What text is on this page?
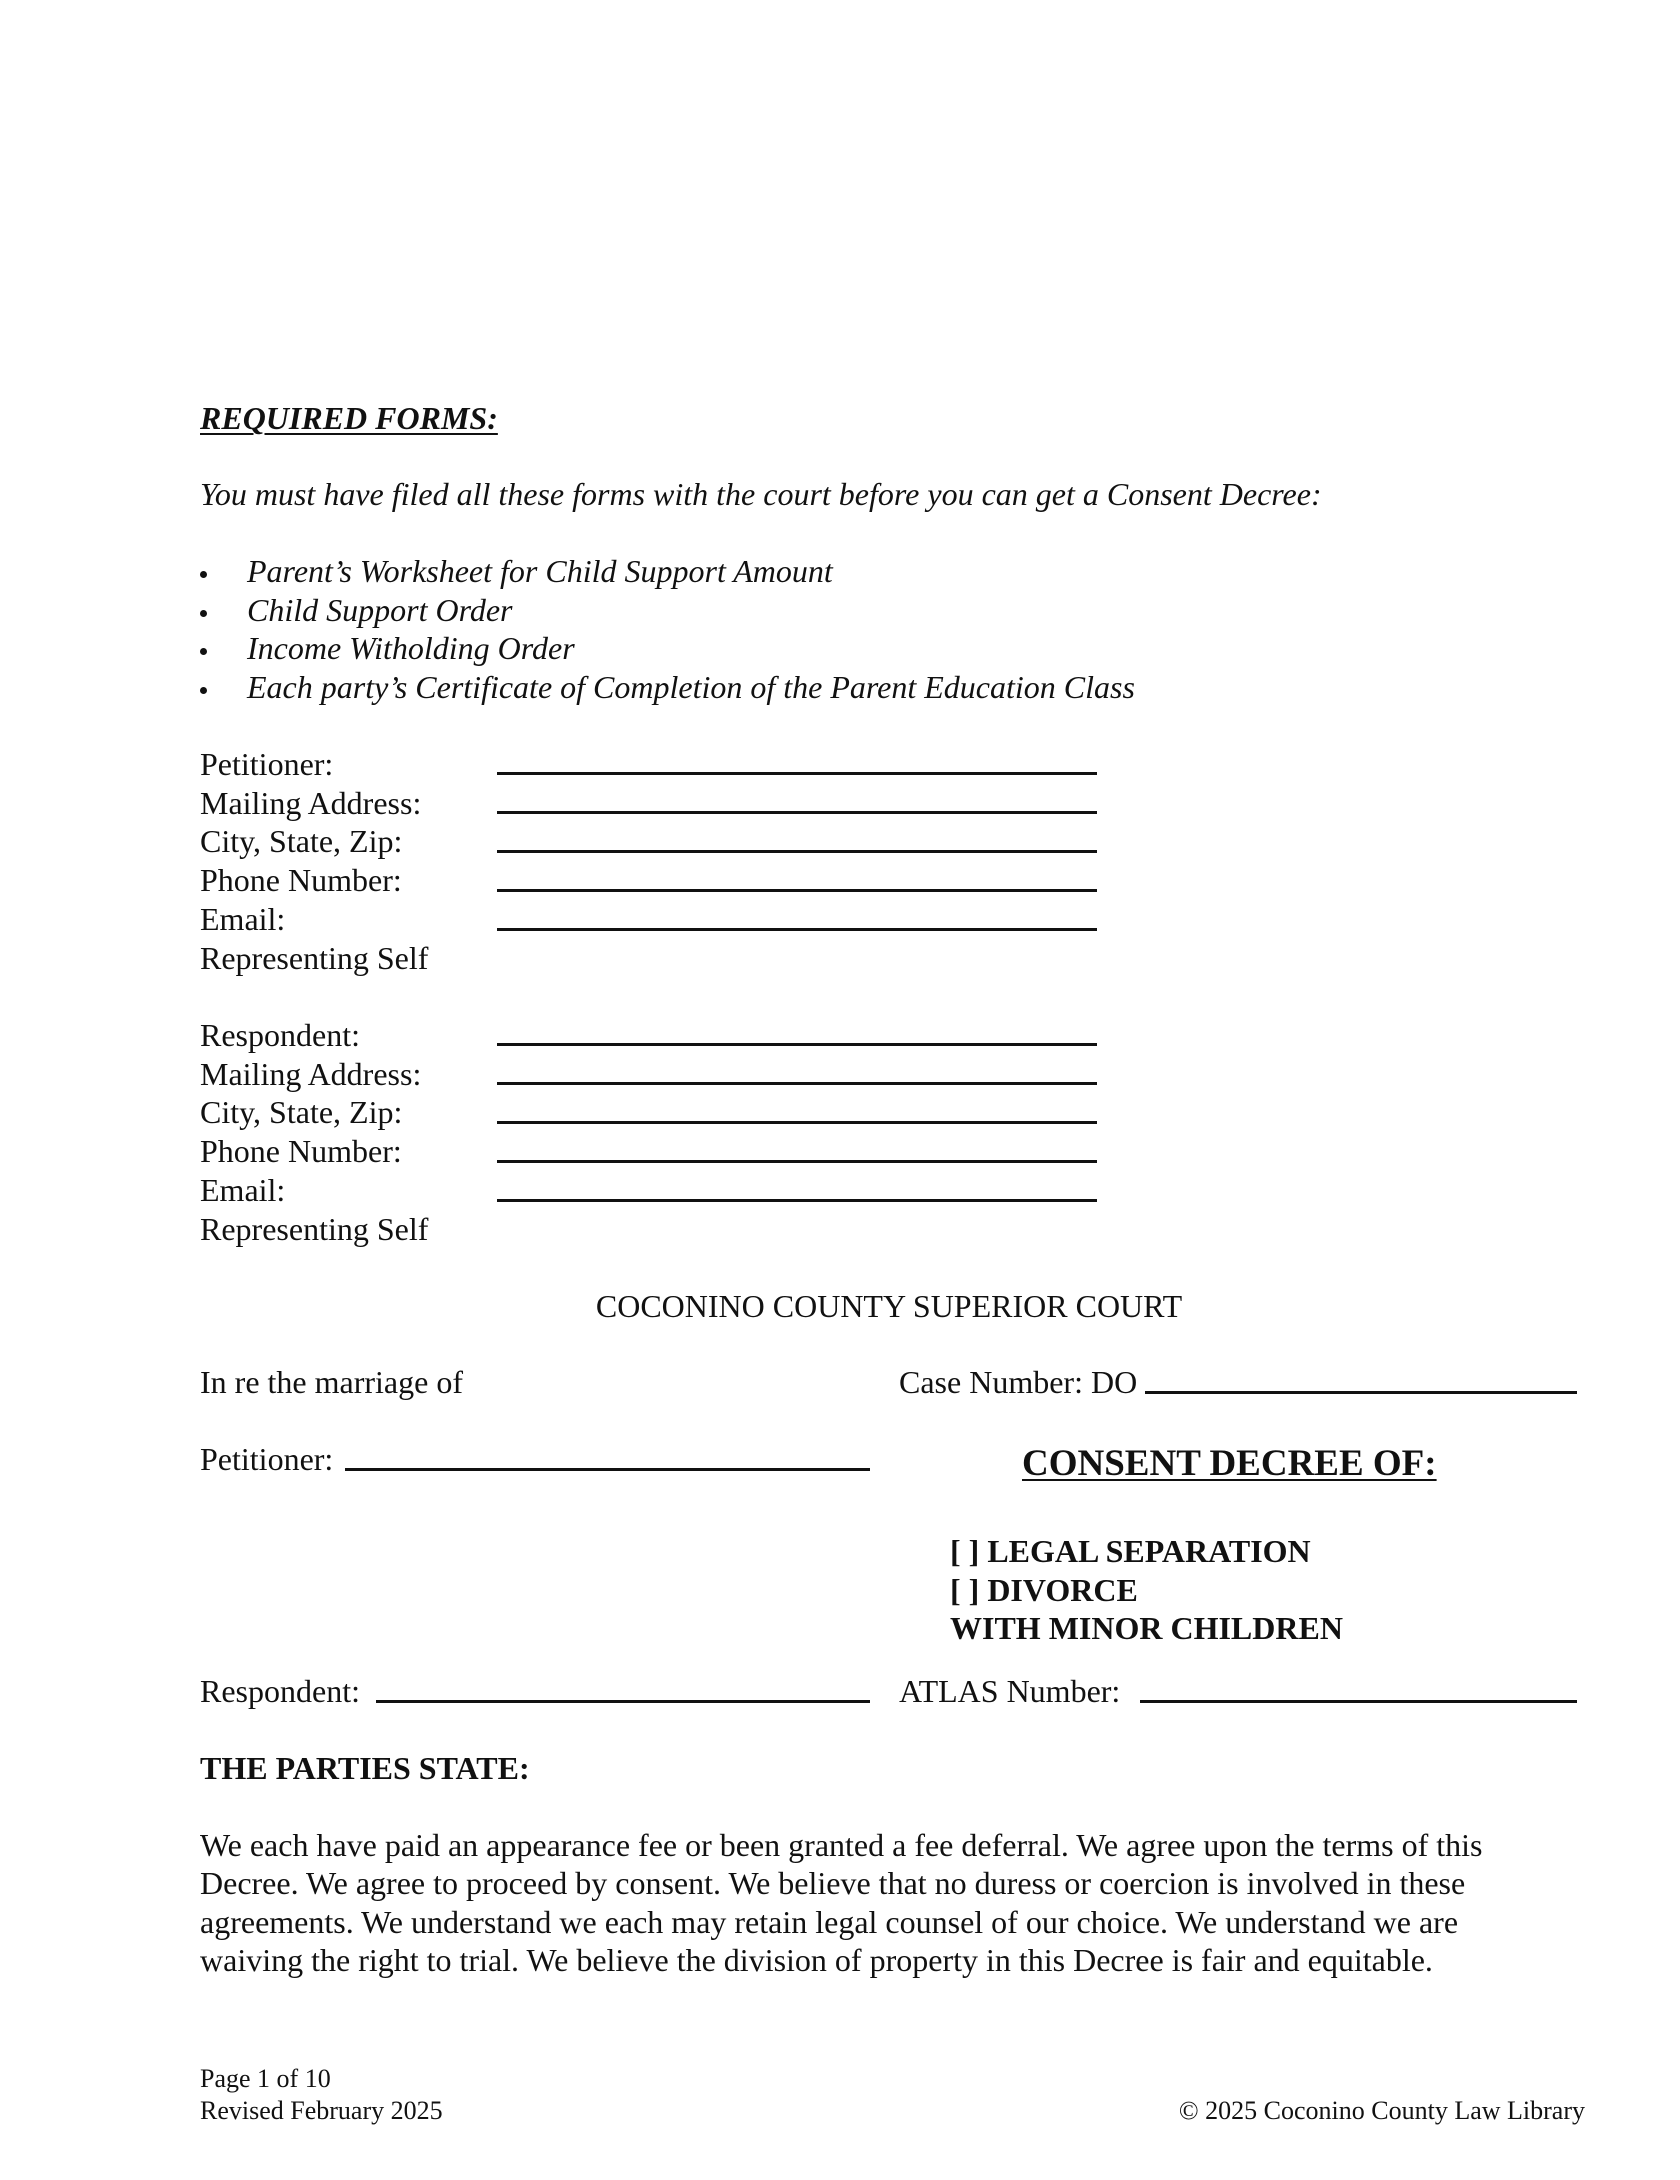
REQUIRED FORMS:
You must have filed all these forms with the court before you can get a Consent Decree:
Parent’s Worksheet for Child Support Amount
Child Support Order
Income Witholding Order
Each party’s Certificate of Completion of the Parent Education Class
Petitioner:
Mailing Address:
City, State, Zip:
Phone Number:
Email:
Representing Self
Respondent:
Mailing Address:
City, State, Zip:
Phone Number:
Email:
Representing Self
COCONINO COUNTY SUPERIOR COURT
In re the marriage of	Case Number: DO
Petitioner:	CONSENT DECREE OF:
[ ] LEGAL SEPARATION
[ ] DIVORCE
WITH MINOR CHILDREN
Respondent:	ATLAS Number:
THE PARTIES STATE:
We each have paid an appearance fee or been granted a fee deferral. We agree upon the terms of this
Decree. We agree to proceed by consent. We believe that no duress or coercion is involved in these
agreements. We understand we each may retain legal counsel of our choice. We understand we are
waiving the right to trial. We believe the division of property in this Decree is fair and equitable.
Page 1 of 10
Revised February 2025	© 2025 Coconino County Law Library
